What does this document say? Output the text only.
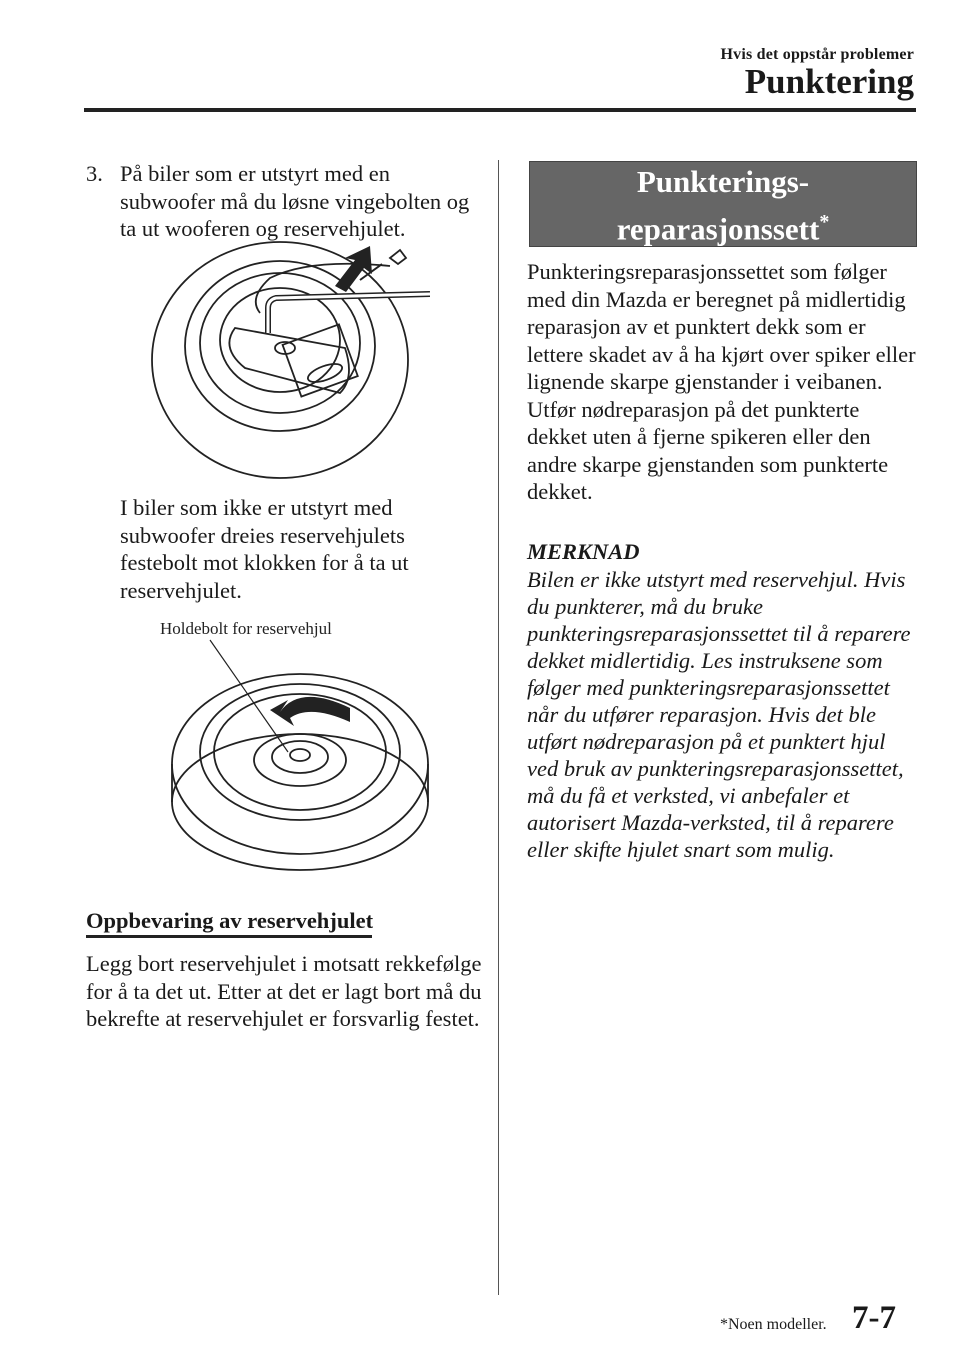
Hvis det oppstår problemer
Punktering
3. På biler som er utstyrt med en subwoofer må du løsne vingebolten og ta ut wooferen og reservehjulet.
I biler som ikke er utstyrt med subwoofer dreies reservehjulets festebolt mot klokken for å ta ut reservehjulet.
Holdebolt for reservehjul
Oppbevaring av reservehjulet
Legg bort reservehjulet i motsatt rekkefølge for å ta det ut. Etter at det er lagt bort må du bekrefte at reservehjulet er forsvarlig festet.
Punkterings-
reparasjonssett*
Punkteringsreparasjonssettet som følger med din Mazda er beregnet på midlertidig reparasjon av et punktert dekk som er lettere skadet av å ha kjørt over spiker eller lignende skarpe gjenstander i veibanen.
Utfør nødreparasjon på det punkterte dekket uten å fjerne spikeren eller den andre skarpe gjenstanden som punkterte dekket.
MERKNAD
Bilen er ikke utstyrt med reservehjul. Hvis du punkterer, må du bruke punkteringsreparasjonssettet til å reparere dekket midlertidig. Les instruksene som følger med punkteringsreparasjonssettet når du utfører reparasjon. Hvis det ble utført nødreparasjon på et punktert hjul ved bruk av punkteringsreparasjonssettet, må du få et verksted, vi anbefaler et autorisert Mazda-verksted, til å reparere eller skifte hjulet snart som mulig.
*Noen modeller. 7-7
